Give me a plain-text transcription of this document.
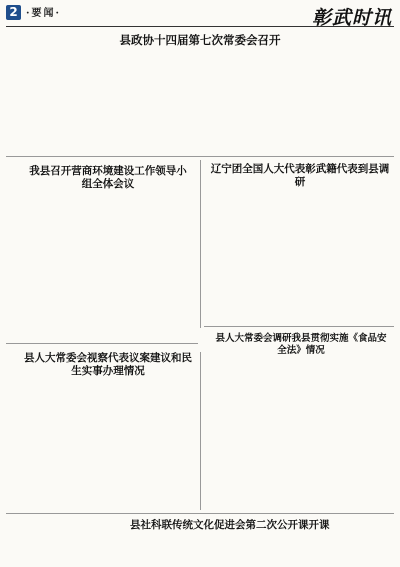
2 ·要闻·	彰武时讯
县政协十四届第七次常委会召开
我县召开营商环境建设工作领导小组全体会议
辽宁团全国人大代表彰武籍代表到县调研
县人大常委会调研我县贯彻实施《食品安全法》情况
县人大常委会视察代表议案建议和民生实事办理情况
县社科联传统文化促进会第二次公开课开课
